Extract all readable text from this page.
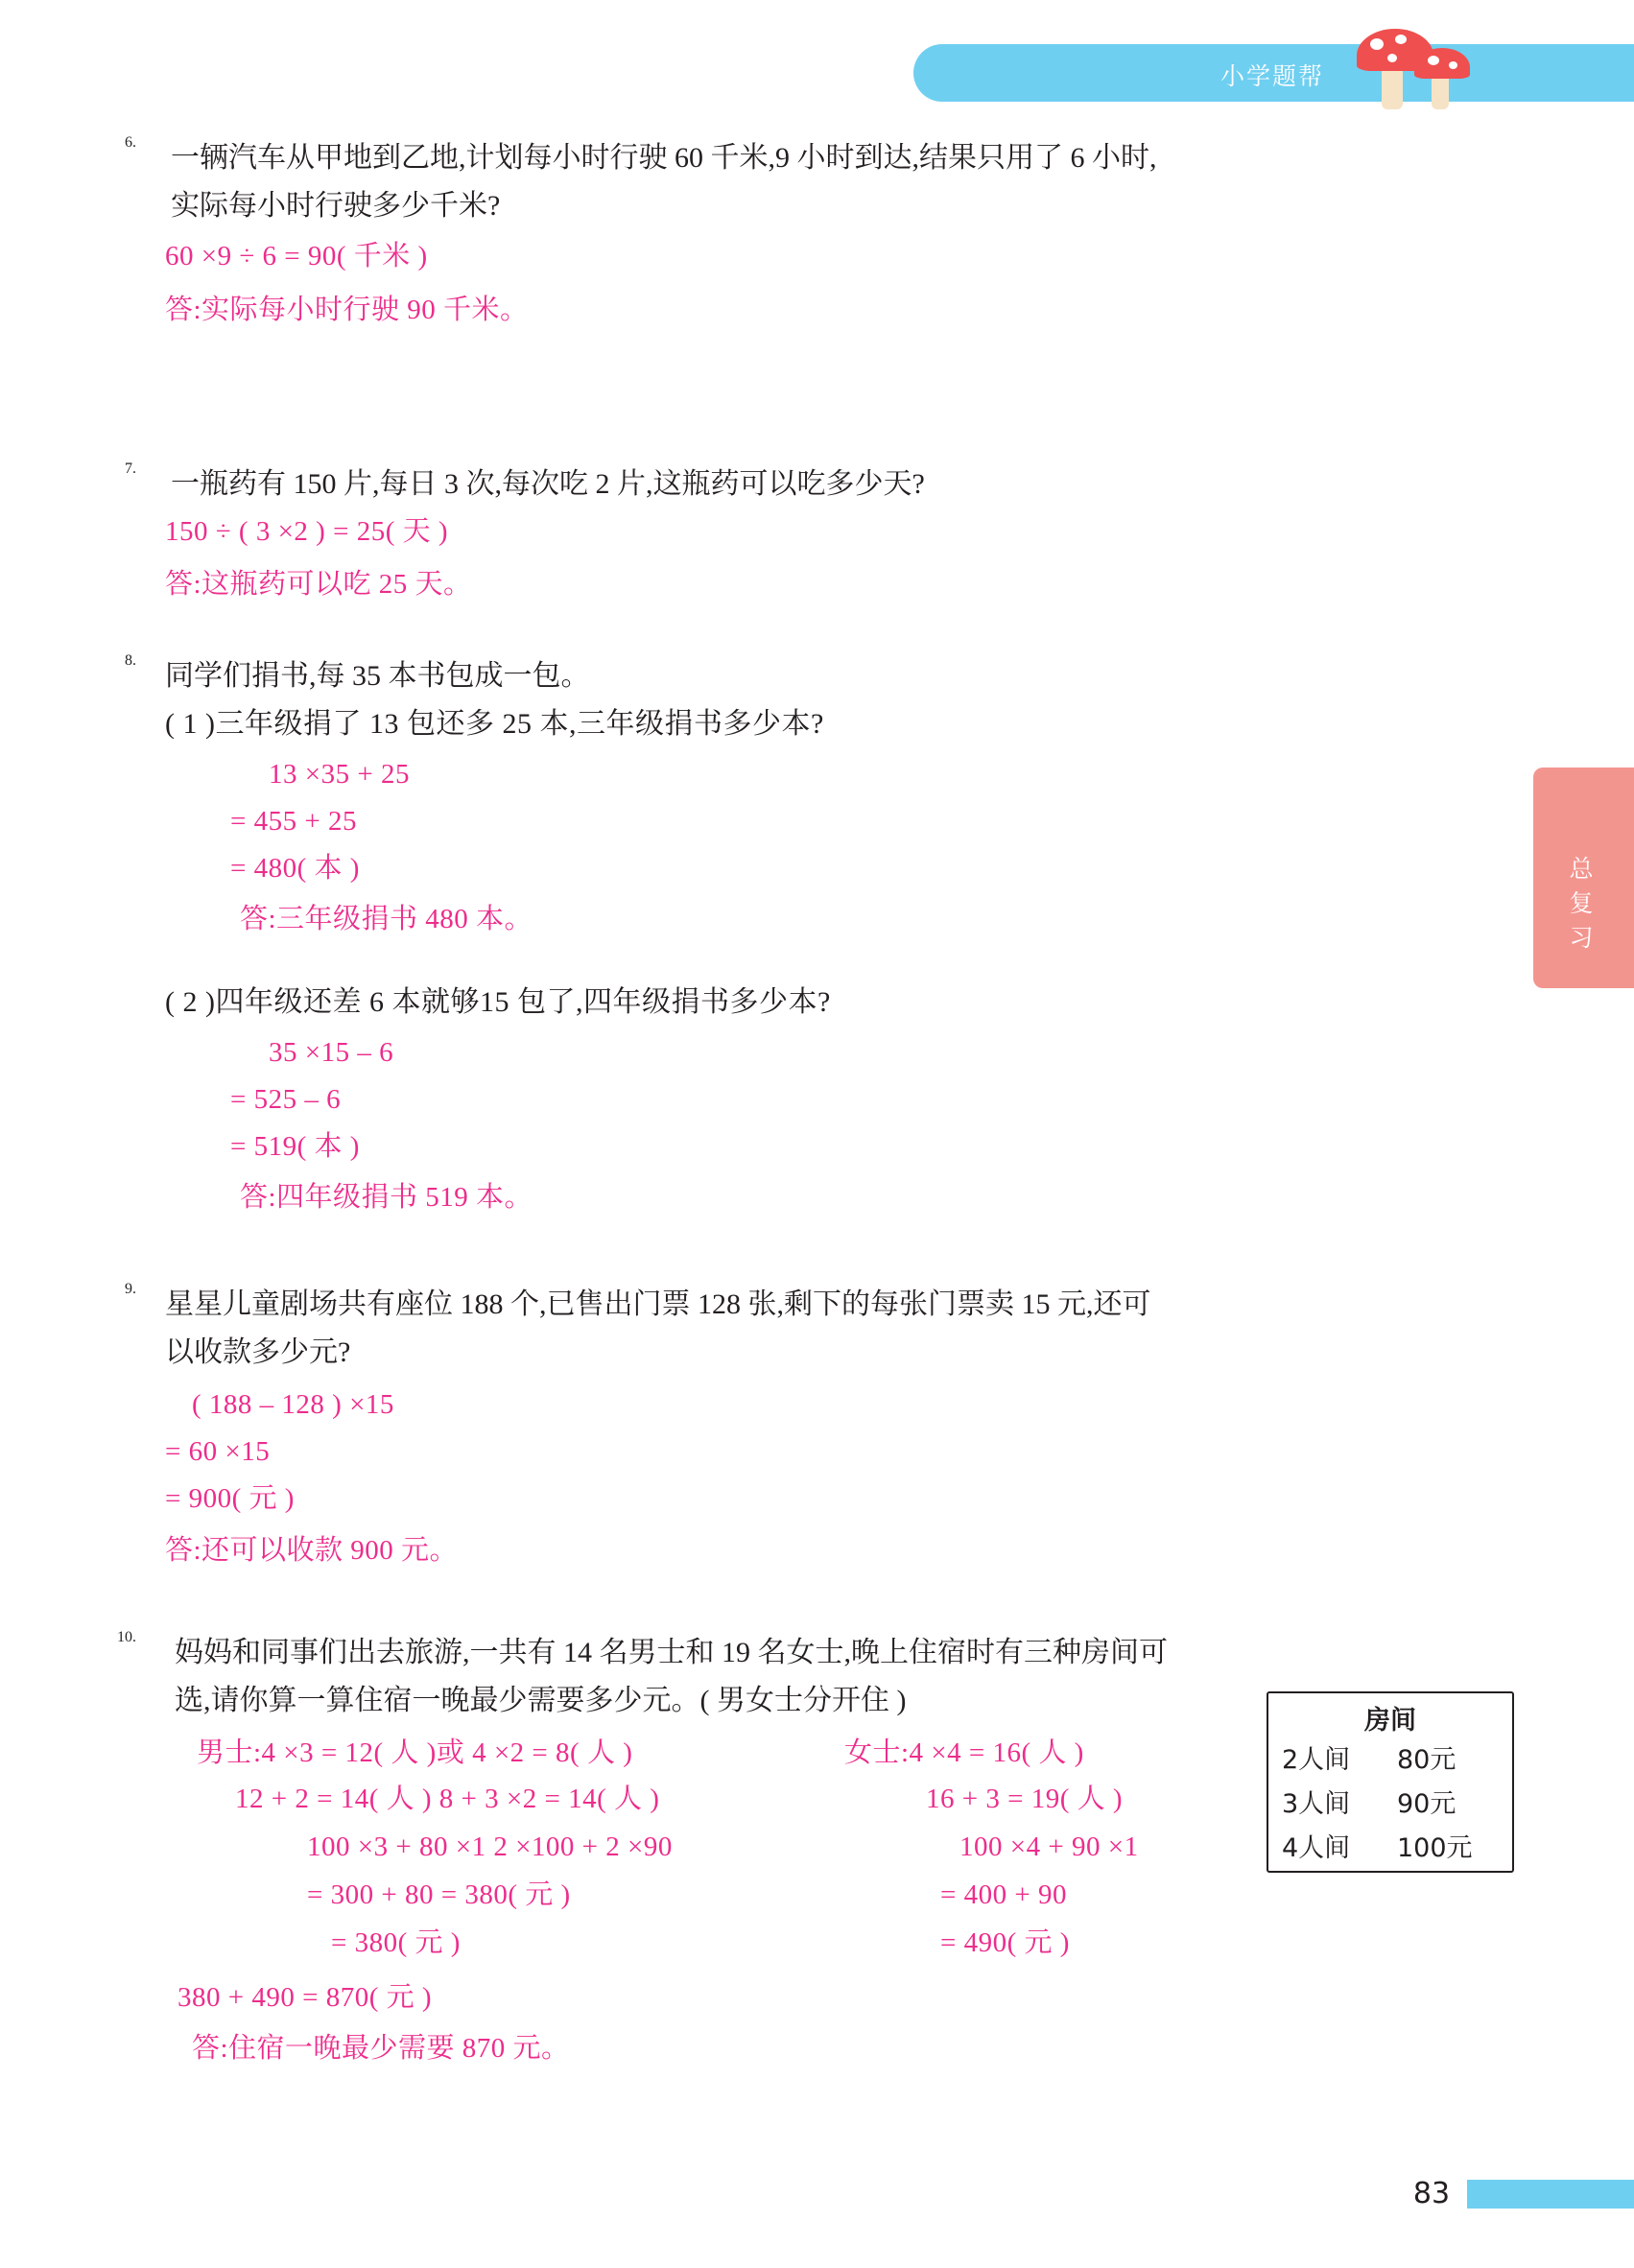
小学题帮
总复习
6.	一辆汽车从甲地到乙地,计划每小时行驶 60 千米,9 小时到达,结果只用了 6 小时,
实际每小时行驶多少千米?
60 ×9 ÷ 6 = 90( 千米 )
答:实际每小时行驶 90 千米。
7. 一瓶药有 150 片,每日 3 次,每次吃 2 片,这瓶药可以吃多少天?
150 ÷ ( 3 ×2 ) = 25( 天 )
答:这瓶药可以吃 25 天。
8. 同学们捐书,每 35 本书包成一包。
( 1 )三年级捐了 13 包还多 25 本,三年级捐书多少本?
13 ×35 + 25
= 455 + 25
= 480( 本 )
答:三年级捐书 480 本。
( 2 )四年级还差 6 本就够15 包了,四年级捐书多少本?
35 ×15 – 6
= 525 – 6
= 519( 本 )
答:四年级捐书 519 本。
9. 星星儿童剧场共有座位 188 个,已售出门票 128 张,剩下的每张门票卖 15 元,还可
以收款多少元?
( 188 – 128 ) ×15
= 60 ×15
= 900( 元 )
答:还可以收款 900 元。
10. 妈妈和同事们出去旅游,一共有 14 名男士和 19 名女士,晚上住宿时有三种房间可
选,请你算一算住宿一晚最少需要多少元。( 男女士分开住 )
男士:4 ×3 = 12( 人 )或 4 ×2 = 8( 人 )
12 + 2 = 14( 人 ) 8 + 3 ×2 = 14( 人 )
100 ×3 + 80 ×1 2 ×100 + 2 ×90
= 300 + 80 = 380( 元 )
= 380( 元 )
女士:4 ×4 = 16( 人 )
16 + 3 = 19( 人 )
100 ×4 + 90 ×1
= 400 + 90
= 490( 元 )
380 + 490 = 870( 元 )
答:住宿一晚最少需要 870 元。
房间
2人间	80元
3人间	90元
4人间	100元
83
